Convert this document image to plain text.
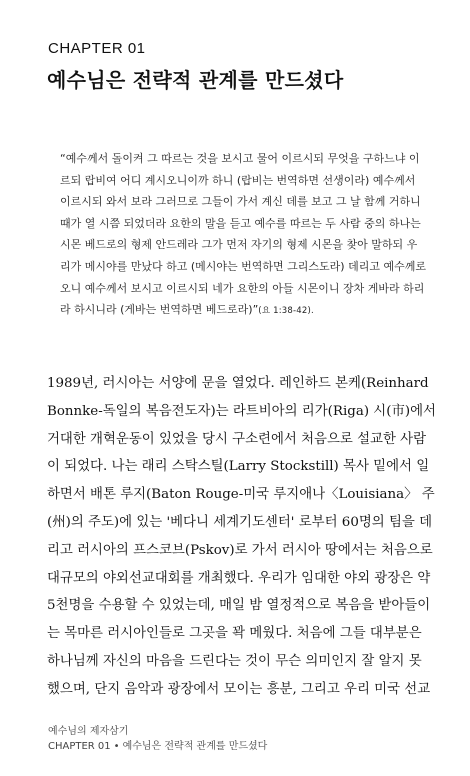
CHAPTER 01
예수님은 전략적 관계를 만드셨다

“예수께서 돌이켜 그 따르는 것을 보시고 물어 이르시되 무엇을 구하느냐 이

르되 랍비여 어디 계시오니이까 하니 (랍비는 번역하면 선생이라) 예수께서

이르시되 와서 보라 그러므로 그들이 가서 계신 데를 보고 그 날 함께 거하니

때가 열 시쯤 되었더라 요한의 말을 듣고 예수를 따르는 두 사람 중의 하나는

시몬 베드로의 형제 안드레라 그가 먼저 자기의 형제 시몬을 찾아 말하되 우

리가 메시야를 만났다 하고 (메시야는 번역하면 그리스도라) 데리고 예수께로

오니 예수께서 보시고 이르시되 네가 요한의 아들 시몬이니 장차 게바라 하리

라 하시니라 (게바는 번역하면 베드로라)”(요 1:38-42).

1989년, 러시아는 서양에 문을 열었다. 레인하드 본케(Reinhard

Bonnke-독일의 복음전도자)는 라트비아의 리가(Riga) 시(市)에서

거대한 개혁운동이 있었을 당시 구소련에서 처음으로 설교한 사람

이 되었다. 나는 래리 스탁스틸(Larry Stockstill) 목사 밑에서 일

하면서 배톤 루지(Baton Rouge-미국 루지애나〈Louisiana〉 주

(州)의 주도)에 있는 '베다니 세계기도센터' 로부터 60명의 팀을 데

리고 러시아의 프스코브(Pskov)로 가서 러시아 땅에서는 처음으로

대규모의 야외선교대회를 개최했다. 우리가 임대한 야외 광장은 약

5천명을 수용할 수 있었는데, 매일 밤 열정적으로 복음을 받아들이

는 목마른 러시아인들로 그곳을 꽉 메웠다. 처음에 그들 대부분은

하나님께 자신의 마음을 드린다는 것이 무슨 의미인지 잘 알지 못

했으며, 단지 음악과 광장에서 모이는 흥분, 그리고 우리 미국 선교

예수님의 제자삼기

CHAPTER 01 • 예수님은 전략적 관계를 만드셨다
